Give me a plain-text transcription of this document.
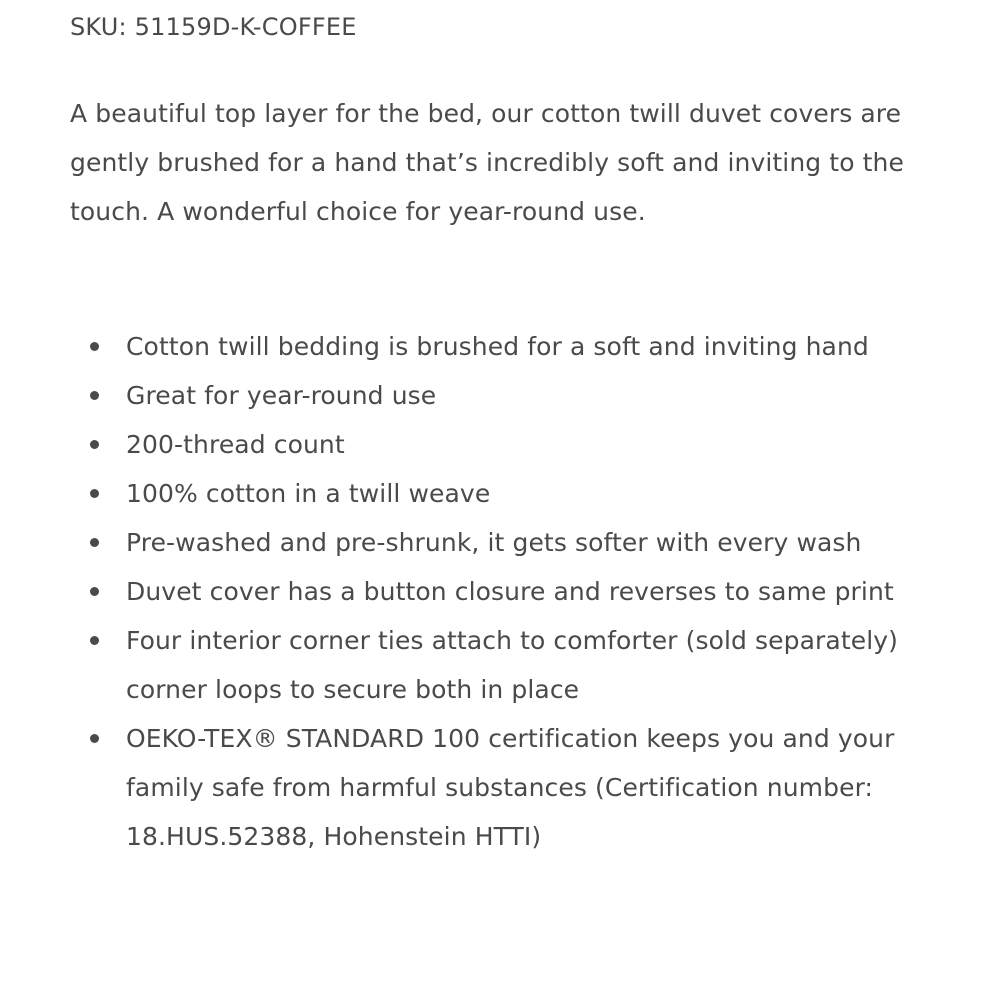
SKU: 51159D-K-COFFEE

A beautiful top layer for the bed, our cotton twill duvet covers are gently brushed for a hand that’s incredibly soft and inviting to the touch. A wonderful choice for year-round use.

Cotton twill bedding is brushed for a soft and inviting hand
Great for year-round use
200-thread count
100% cotton in a twill weave
Pre-washed and pre-shrunk, it gets softer with every wash
Duvet cover has a button closure and reverses to same print
Four interior corner ties attach to comforter (sold separately) corner loops to secure both in place
OEKO-TEX® STANDARD 100 certification keeps you and your family safe from harmful substances (Certification number: 18.HUS.52388, Hohenstein HTTI)
